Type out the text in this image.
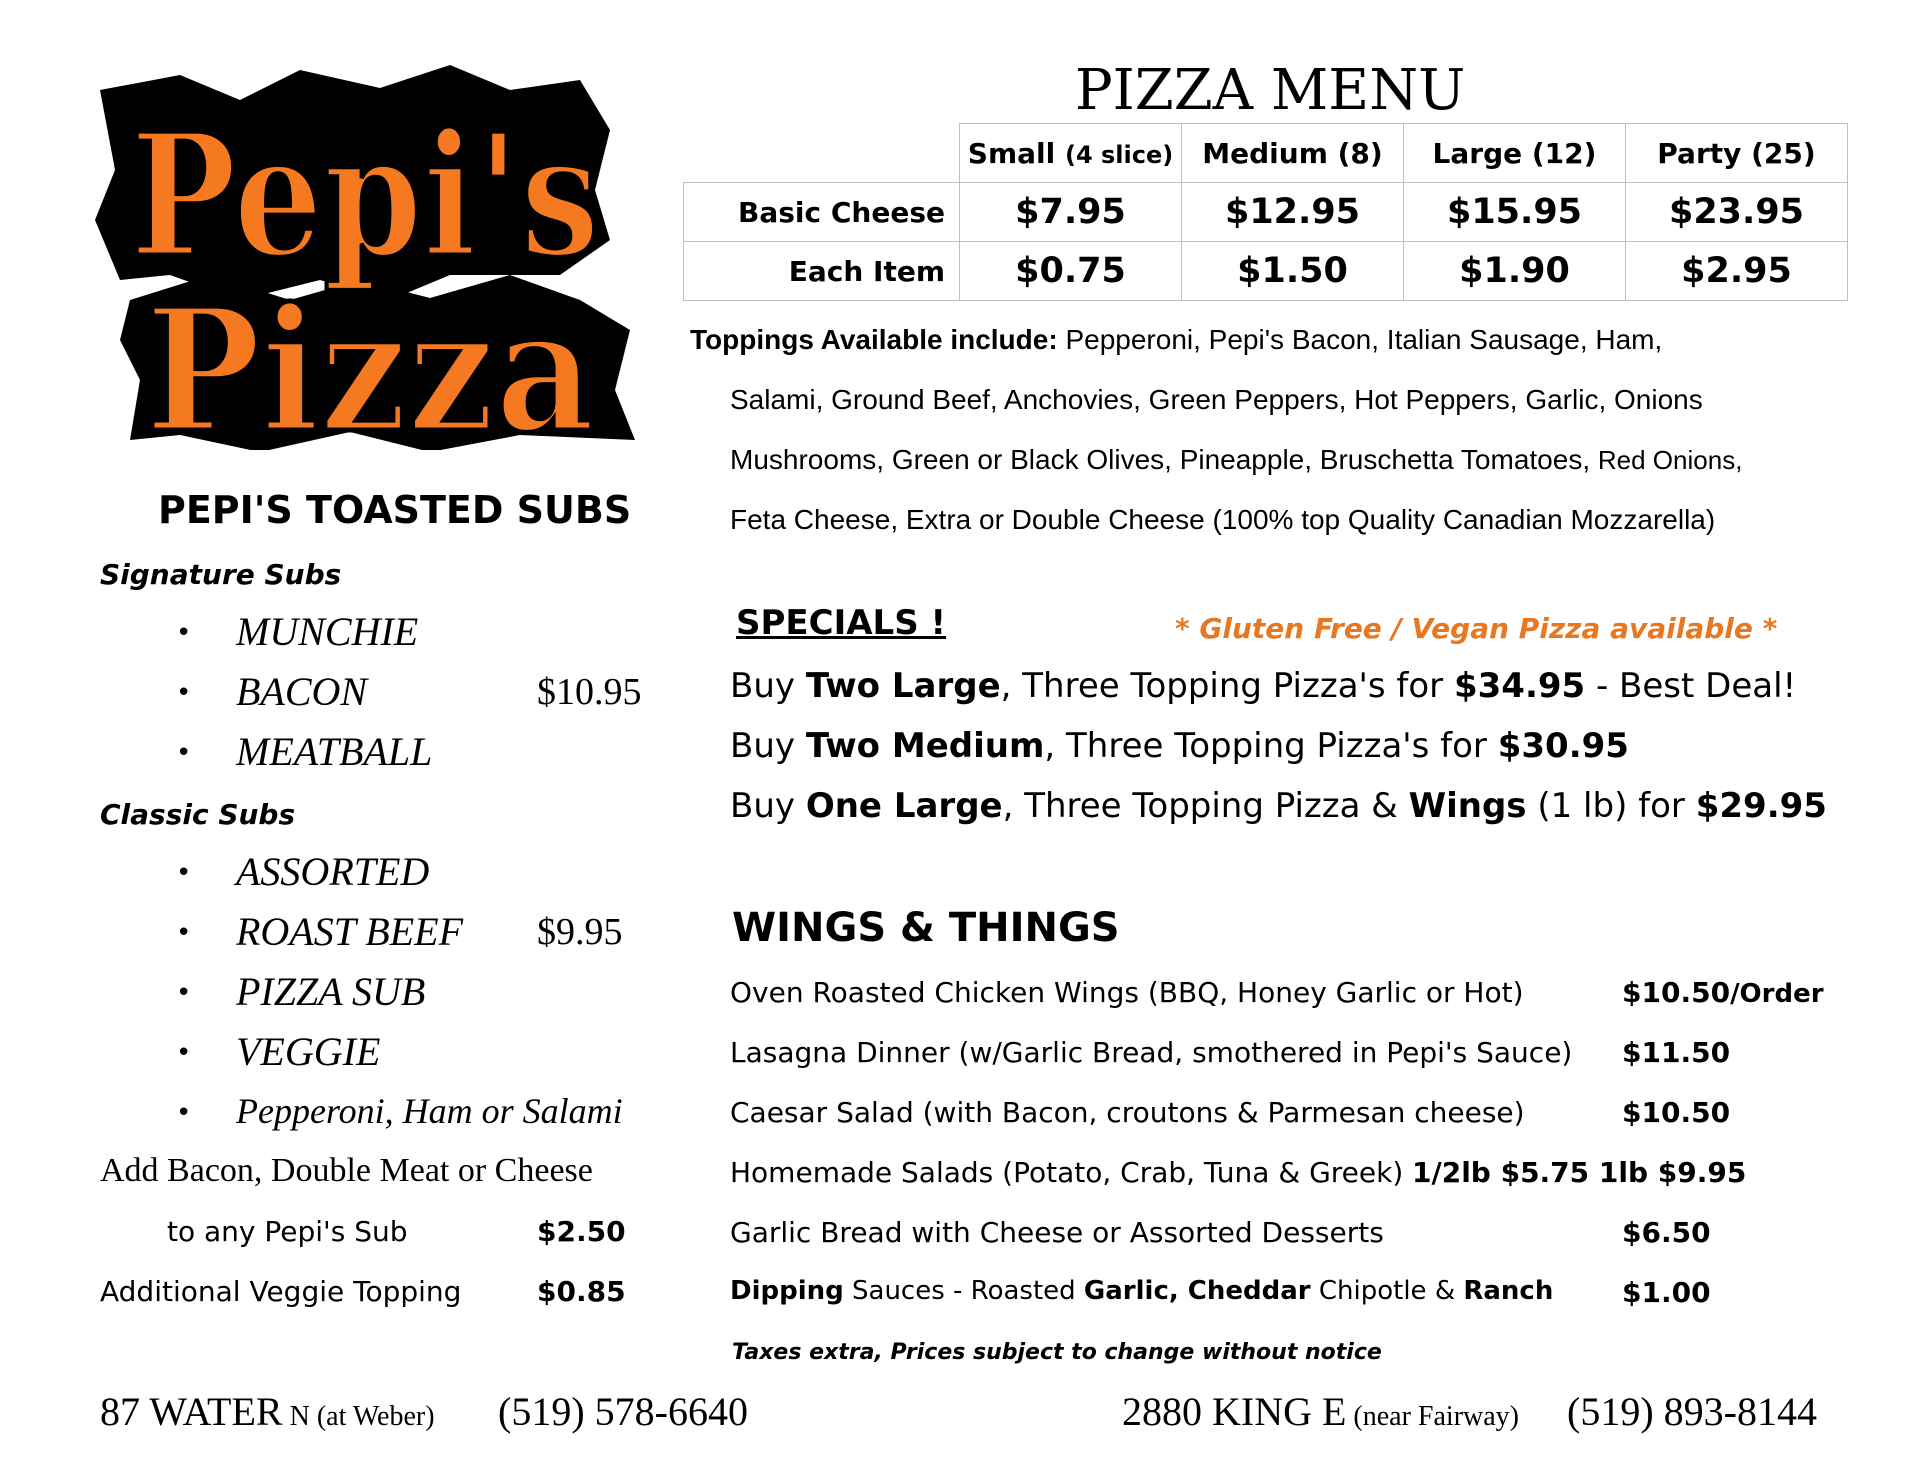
Pepi's
Pizza
PIZZA MENU
	Small (4 slice)	Medium (8)	Large (12)	Party (25)
Basic Cheese	$7.95	$12.95	$15.95	$23.95
Each Item	$0.75	$1.50	$1.90	$2.95
Toppings Available include: Pepperoni, Pepi's Bacon, Italian Sausage, Ham,
Salami, Ground Beef, Anchovies, Green Peppers, Hot Peppers, Garlic, Onions
Mushrooms, Green or Black Olives, Pineapple, Bruschetta Tomatoes, Red Onions,
Feta Cheese, Extra or Double Cheese (100% top Quality Canadian Mozzarella)
PEPI'S TOASTED SUBS
Signature Subs
• MUNCHIE
• BACON	$10.95
• MEATBALL
Classic Subs
• ASSORTED
• ROAST BEEF $9.95
• PIZZA SUB
• VEGGIE
• Pepperoni, Ham or Salami
Add Bacon, Double Meat or Cheese
to any Pepi's Sub	$2.50
Additional Veggie Topping	$0.85
SPECIALS !	* Gluten Free / Vegan Pizza available *
Buy Two Large, Three Topping Pizza's for $34.95 - Best Deal!
Buy Two Medium, Three Topping Pizza's for $30.95
Buy One Large, Three Topping Pizza & Wings (1 lb) for $29.95
WINGS & THINGS
Oven Roasted Chicken Wings (BBQ, Honey Garlic or Hot)	$10.50/Order
Lasagna Dinner (w/Garlic Bread, smothered in Pepi's Sauce) $11.50
Caesar Salad (with Bacon, croutons & Parmesan cheese)	$10.50
Homemade Salads (Potato, Crab, Tuna & Greek) 1/2lb $5.75 1lb $9.95
Garlic Bread with Cheese or Assorted Desserts	$6.50
Dipping Sauces - Roasted Garlic, Cheddar Chipotle & Ranch $1.00
Taxes extra, Prices subject to change without notice
87 WATER N (at Weber) (519) 578-6640	2880 KING E (near Fairway) (519) 893-8144
